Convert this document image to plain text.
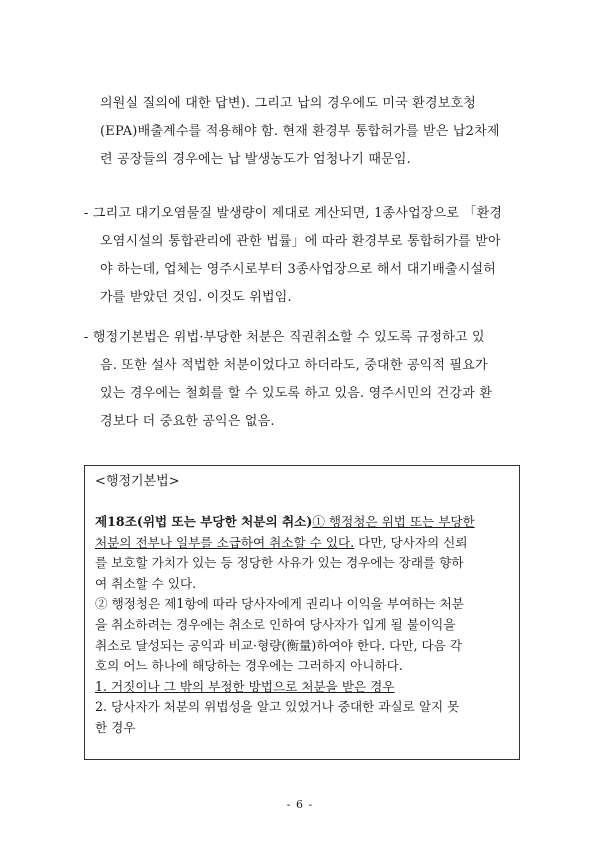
의원실 질의에 대한 답변). 그리고 납의 경우에도 미국 환경보호청
(EPA)배출계수를 적용해야 함. 현재 환경부 통합허가를 받은 납2차제
련 공장들의 경우에는 납 발생농도가 엄청나기 때문임.
- 그리고 대기오염물질 발생량이 제대로 계산되면, 1종사업장으로 「환경
오염시설의 통합관리에 관한 법률」에 따라 환경부로 통합허가를 받아
야 하는데, 업체는 영주시로부터 3종사업장으로 해서 대기배출시설허
가를 받았던 것임. 이것도 위법임.
- 행정기본법은 위법·부당한 처분은 직권취소할 수 있도록 규정하고 있
음. 또한 설사 적법한 처분이었다고 하더라도, 중대한 공익적 필요가
있는 경우에는 철회를 할 수 있도록 하고 있음. 영주시민의 건강과 환
경보다 더 중요한 공익은 없음.
<행정기본법>
제18조(위법 또는 부당한 처분의 취소)① 행정청은 위법 또는 부당한
처분의 전부나 일부를 소급하여 취소할 수 있다. 다만, 당사자의 신뢰
를 보호할 가치가 있는 등 정당한 사유가 있는 경우에는 장래를 향하
여 취소할 수 있다.
② 행정청은 제1항에 따라 당사자에게 권리나 이익을 부여하는 처분
을 취소하려는 경우에는 취소로 인하여 당사자가 입게 될 불이익을
취소로 달성되는 공익과 비교·형량(衡量)하여야 한다. 다만, 다음 각
호의 어느 하나에 해당하는 경우에는 그러하지 아니하다.
1. 거짓이나 그 밖의 부정한 방법으로 처분을 받은 경우
2. 당사자가 처분의 위법성을 알고 있었거나 중대한 과실로 알지 못
한 경우
- 6 -
